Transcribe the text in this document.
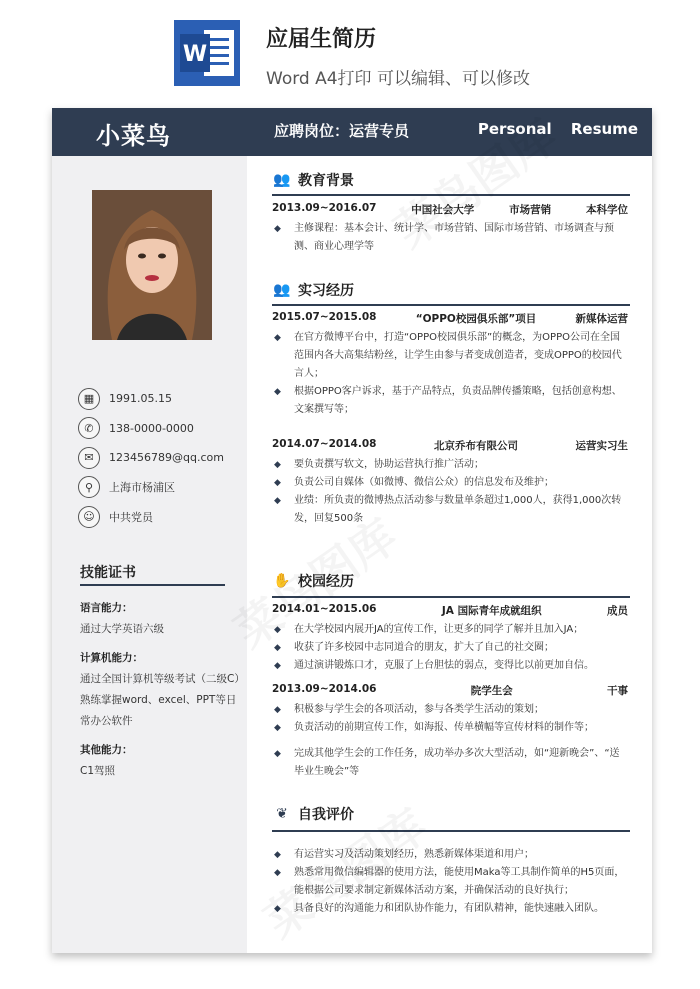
W
应届生简历
Word A4打印 可以编辑、可以修改
小菜鸟	应聘岗位：运营专员	Personal Resume
▦	1991.05.15
✆	138-0000-0000
✉	123456789@qq.com
⚲	上海市杨浦区
☺	中共党员
技能证书
语言能力：
通过大学英语六级
计算机能力：
通过全国计算机等级考试（二级C）
熟练掌握word、excel、PPT等日常办公软件
其他能力：
C1驾照
👥 教育背景
2013.09~2016.07	中国社会大学	市场营销	本科学位
◆ 主修课程：基本会计、统计学、市场营销、国际市场营销、市场调查与预测、商业心理学等
👥 实习经历
2015.07~2015.08	“OPPO校园俱乐部”项目	新媒体运营
◆ 在官方微博平台中，打造“OPPO校园俱乐部”的概念，为OPPO公司在全国范围内各大高集结粉丝，让学生由参与者变成创造者，变成OPPO的校园代言人；
◆ 根据OPPO客户诉求，基于产品特点，负责品牌传播策略，包括创意构想、文案撰写等；
2014.07~2014.08	北京乔布有限公司	运营实习生
◆ 要负责撰写软文，协助运营执行推广活动；
◆ 负责公司自媒体（如微博、微信公众）的信息发布及维护；
◆ 业绩：所负责的微博热点活动参与数量单条超过1,000人，获得1,000次转发，回复500条
✋ 校园经历
2014.01~2015.06	JA 国际青年成就组织	成员
◆ 在大学校园内展开JA的宣传工作，让更多的同学了解并且加入JA；
◆ 收获了许多校园中志同道合的朋友，扩大了自己的社交圈；
◆ 通过演讲锻炼口才，克服了上台胆怯的弱点，变得比以前更加自信。
2013.09~2014.06	院学生会	干事
◆ 积极参与学生会的各项活动，参与各类学生活动的策划；
◆ 负责活动的前期宣传工作，如海报、传单横幅等宣传材料的制作等；
◆ 完成其他学生会的工作任务，成功举办多次大型活动，如“迎新晚会”、“送毕业生晚会”等
❦ 自我评价
◆ 有运营实习及活动策划经历，熟悉新媒体渠道和用户；
◆ 熟悉常用微信编辑器的使用方法，能使用Maka等工具制作简单的H5页面，能根据公司要求制定新媒体活动方案，并确保活动的良好执行；
◆ 具备良好的沟通能力和团队协作能力，有团队精神，能快速融入团队。
